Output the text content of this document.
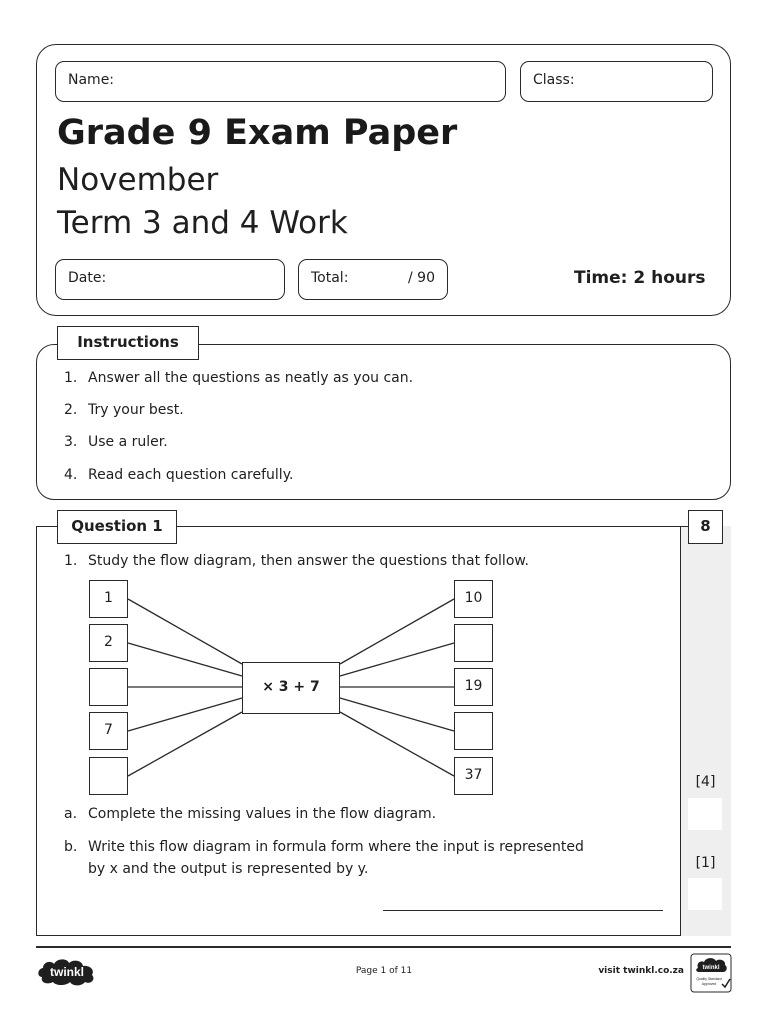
Name:	Class:
Grade 9 Exam Paper
November
Term 3 and 4 Work
Date:	Total:	/ 90	Time: 2 hours
Instructions
1. Answer all the questions as neatly as you can.
2. Try your best.
3. Use a ruler.
4. Read each question carefully.
Question 1	8
1. Study the flow diagram, then answer the questions that follow.
1
2
7
× 3 + 7
10
19
37
a. Complete the missing values in the flow diagram.
b. Write this flow diagram in formula form where the input is represented
by x and the output is represented by y.
[4]
[1]
twinkl	Page 1 of 11	visit twinkl.co.za	twinkl
Quality Standard
Approved
